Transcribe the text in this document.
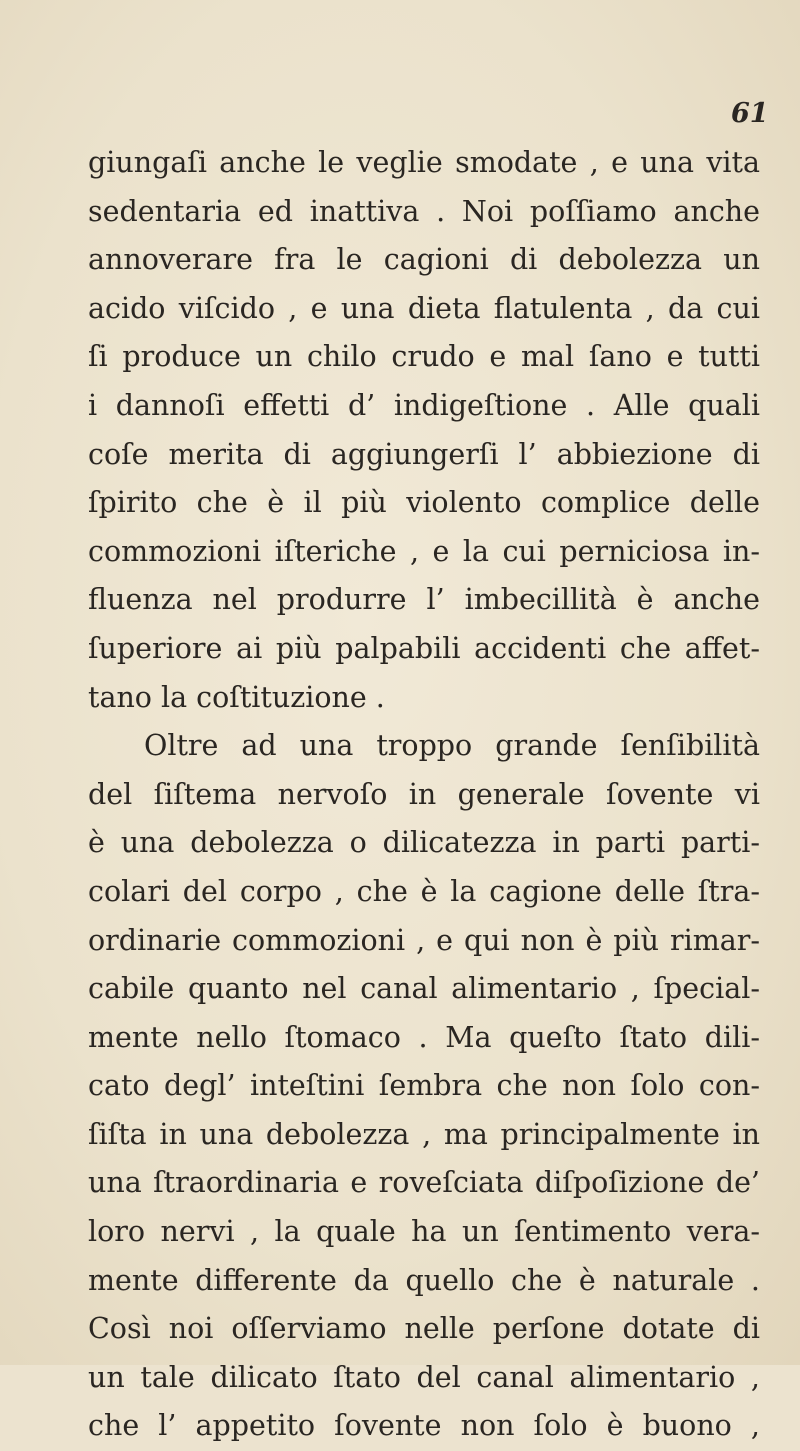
61
giungaſi anche le veglie smodate , e una vita
sedentaria ed inattiva . Noi poſſiamo anche
annoverare fra le cagioni di debolezza un
acido viſcido , e una dieta flatulenta , da cui
ſi produce un chilo crudo e mal ſano e tutti
i dannoſi effetti d’ indigeſtione . Alle quali
coſe merita di aggiungerſi l’ abbiezione di
ſpirito che è il più violento complice delle
commozioni iſteriche , e la cui perniciosa in-
fluenza nel produrre l’ imbecillità è anche
ſuperiore ai più palpabili accidenti che affet-
tano la coſtituzione .
Oltre ad una troppo grande ſenſibilità
del ſiſtema nervoſo in generale ſovente vi
è una debolezza o dilicatezza in parti parti-
colari del corpo , che è la cagione delle ſtra-
ordinarie commozioni , e qui non è più rimar-
cabile quanto nel canal alimentario , ſpecial-
mente nello ſtomaco . Ma queſto ſtato dili-
cato degl’ inteſtini ſembra che non ſolo con-
ſiſta in una debolezza , ma principalmente in
una ſtraordinaria e roveſciata diſpoſizione de’
loro nervi , la quale ha un ſentimento vera-
mente differente da quello che è naturale .
Così noi oſſerviamo nelle perſone dotate di
un tale dilicato ſtato del canal alimentario ,
che l’ appetito ſovente non ſolo è buono ,
